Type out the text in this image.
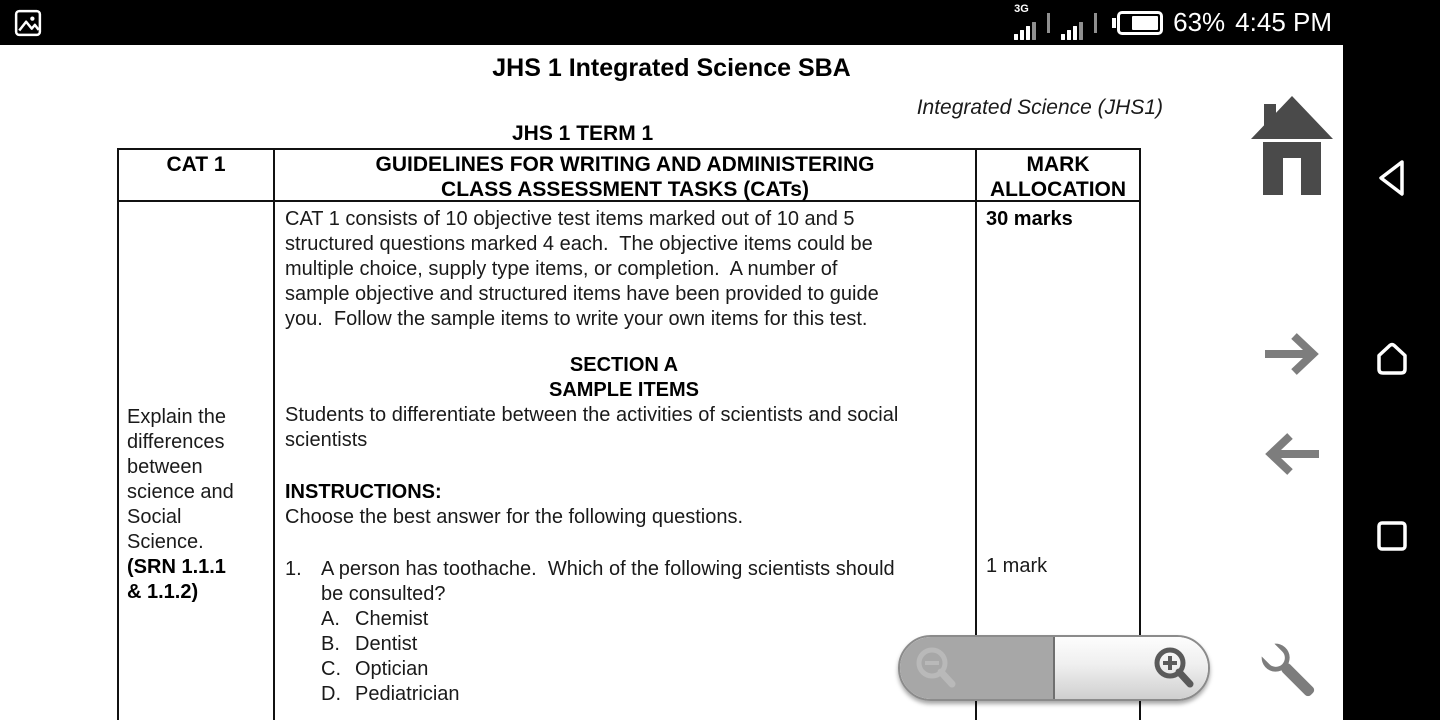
3G	63% 4:45 PM
JHS 1 Integrated Science SBA
Integrated Science (JHS1)
JHS 1 TERM 1
CAT 1	GUIDELINES FOR WRITING AND ADMINISTERING
CLASS ASSESSMENT TASKS (CATs)
MARK
ALLOCATION
Explain the
differences
between
science and
Social
Science.
(SRN 1.1.1
& 1.1.2)
CAT 1 consists of 10 objective test items marked out of 10 and 5
structured questions marked 4 each.  The objective items could be
multiple choice, supply type items, or completion.  A number of
sample objective and structured items have been provided to guide
you.  Follow the sample items to write your own items for this test.
SECTION A
SAMPLE ITEMS
Students to differentiate between the activities of scientists and social
scientists
INSTRUCTIONS:
Choose the best answer for the following questions.
1. A person has toothache.  Which of the following scientists should
be consulted?
A. Chemist
B. Dentist
C. Optician
D. Pediatrician
30 marks
1 mark
